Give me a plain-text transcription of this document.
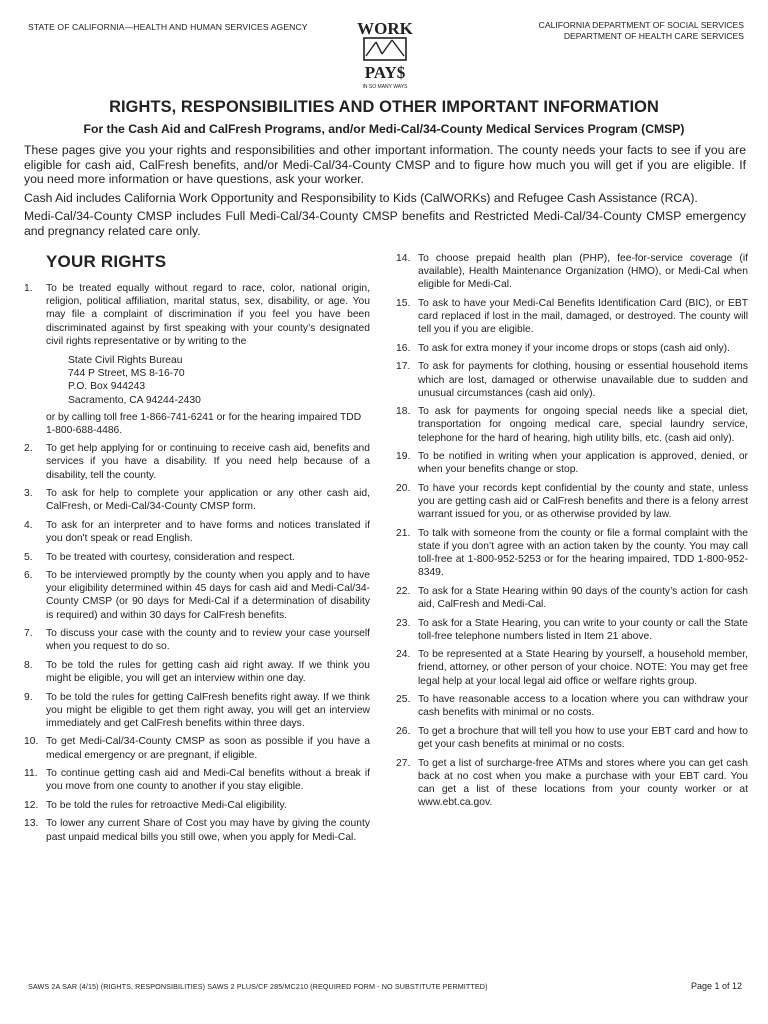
STATE OF CALIFORNIA—HEALTH AND HUMAN SERVICES AGENCY	WORK
PAY$
IN SO MANY WAYS
CALIFORNIA DEPARTMENT OF SOCIAL SERVICES
DEPARTMENT OF HEALTH CARE SERVICES
RIGHTS, RESPONSIBILITIES AND OTHER IMPORTANT INFORMATION
For the Cash Aid and CalFresh Programs, and/or Medi-Cal/34-County Medical Services Program (CMSP)

These pages give you your rights and responsibilities and other important information. The county needs your facts to see if you are eligible for cash aid, CalFresh benefits, and/or Medi-Cal/34-County CMSP and to figure how much you will get if you are eligible. If you need more information or have questions, ask your worker.

Cash Aid includes California Work Opportunity and Responsibility to Kids (CalWORKs) and Refugee Cash Assistance (RCA).

Medi-Cal/34-County CMSP includes Full Medi-Cal/34-County CMSP benefits and Restricted Medi-Cal/34-County CMSP emergency and pregnancy related care only.

YOUR RIGHTS
1.	To be treated equally without regard to race, color, national origin, religion, political affiliation, marital status, sex, disability, or age. You may file a complaint of discrimination if you feel you have been discriminated against by first speaking with your county’s designated civil rights representative or by writing to the
State Civil Rights Bureau
744 P Street, MS 8-16-70
P.O. Box 944243
Sacramento, CA 94244-2430
or by calling toll free 1-866-741-6241 or for the hearing impaired TDD 1-800-688-4486.
2.	To get help applying for or continuing to receive cash aid, benefits and services if you have a disability. If you need help because of a disability, tell the county.
3.	To ask for help to complete your application or any other cash aid, CalFresh, or Medi-Cal/34-County CMSP form.
4.	To ask for an interpreter and to have forms and notices translated if you don't speak or read English.
5.	To be treated with courtesy, consideration and respect.
6.	To be interviewed promptly by the county when you apply and to have your eligibility determined within 45 days for cash aid and Medi-Cal/34-County CMSP (or 90 days for Medi-Cal if a determination of disability is required) and within 30 days for CalFresh benefits.
7.	To discuss your case with the county and to review your case yourself when you request to do so.
8.	To be told the rules for getting cash aid right away. If we think you might be eligible, you will get an interview within one day.
9.	To be told the rules for getting CalFresh benefits right away. If we think you might be eligible to get them right away, you will get an interview immediately and get CalFresh benefits within three days.
10. To get Medi-Cal/34-County CMSP as soon as possible if you have a medical emergency or are pregnant, if eligible.
11. To continue getting cash aid and Medi-Cal benefits without a break if you move from one county to another if you stay eligible.
12. To be told the rules for retroactive Medi-Cal eligibility.
13. To lower any current Share of Cost you may have by giving the county past unpaid medical bills you still owe, when you apply for Medi-Cal.
14. To choose prepaid health plan (PHP), fee-for-service coverage (if available), Health Maintenance Organization (HMO), or Medi-Cal when eligible for Medi-Cal.
15. To ask to have your Medi-Cal Benefits Identification Card (BIC), or EBT card replaced if lost in the mail, damaged, or destroyed. The county will tell you if you are eligible.
16. To ask for extra money if your income drops or stops (cash aid only).
17. To ask for payments for clothing, housing or essential household items which are lost, damaged or otherwise unavailable due to sudden and unusual circumstances (cash aid only).
18. To ask for payments for ongoing special needs like a special diet, transportation for ongoing medical care, special laundry service, telephone for the hard of hearing, high utility bills, etc. (cash aid only).
19. To be notified in writing when your application is approved, denied, or when your benefits change or stop.
20. To have your records kept confidential by the county and state, unless you are getting cash aid or CalFresh benefits and there is a felony arrest warrant issued for you, or as otherwise provided by law.
21. To talk with someone from the county or file a formal complaint with the state if you don’t agree with an action taken by the county. You may call toll-free at 1-800-952-5253 or for the hearing impaired, TDD 1-800-952-8349.
22. To ask for a State Hearing within 90 days of the county’s action for cash aid, CalFresh and Medi-Cal.
23. To ask for a State Hearing, you can write to your county or call the State toll-free telephone numbers listed in Item 21 above.
24. To be represented at a State Hearing by yourself, a household member, friend, attorney, or other person of your choice. NOTE: You may get free legal help at your local legal aid office or welfare rights group.
25. To have reasonable access to a location where you can withdraw your cash benefits with minimal or no costs.
26. To get a brochure that will tell you how to use your EBT card and how to get your cash benefits at minimal or no costs.
27. To get a list of surcharge-free ATMs and stores where you can get cash back at no cost when you make a purchase with your EBT card. You can get a list of these locations from your county worker or at www.ebt.ca.gov.
SAWS 2A SAR (4/15) (RIGHTS, RESPONSIBILITIES) SAWS 2 PLUS/CF 285/MC210 (REQUIRED FORM - NO SUBSTITUTE PERMITTED)	Page 1 of 12
